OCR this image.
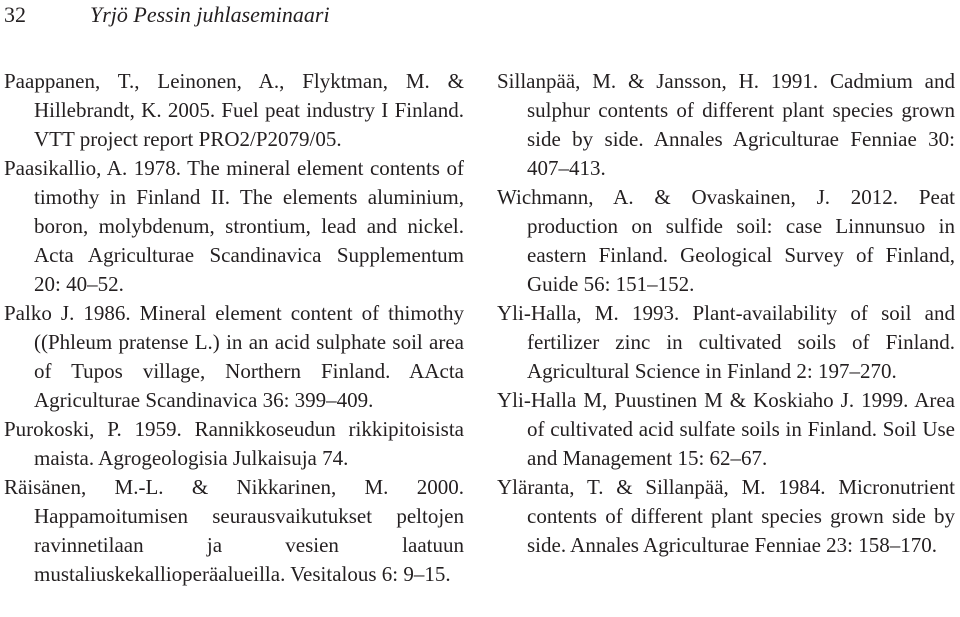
32	Yrjö Pessin juhlaseminaari

Paappanen, T., Leinonen, A., Flyktman, M. & Hillebrandt, K. 2005. Fuel peat industry I Finland. VTT project report PRO2/P2079/05.

Paasikallio, A. 1978. The mineral element contents of timothy in Finland II. The elements aluminium, boron, molybdenum, strontium, lead and nickel. Acta Agriculturae Scandinavica Supplementum 20: 40–52.

Palko J. 1986. Mineral element content of thimothy ((Phleum pratense L.) in an acid sulphate soil area of Tupos village, Northern Finland. AActa Agriculturae Scandinavica 36: 399–409.

Purokoski, P. 1959. Rannikkoseudun rikkipitoisista maista. Agrogeologisia Julkaisuja 74.

Räisänen, M.-L. & Nikkarinen, M. 2000. Happamoitumisen seurausvaikutukset peltojen ravinnetilaan ja vesien laatuun mustaliuskekallioperäalueilla. Vesitalous 6: 9–15.

Sillanpää, M. & Jansson, H. 1991. Cadmium and sulphur contents of different plant species grown side by side. Annales Agriculturae Fenniae 30: 407–413.

Wichmann, A. & Ovaskainen, J. 2012. Peat production on sulfide soil: case Linnunsuo in eastern Finland. Geological Survey of Finland, Guide 56: 151–152.

Yli-Halla, M. 1993. Plant-availability of soil and fertilizer zinc in cultivated soils of Finland. Agricultural Science in Finland 2: 197–270.

Yli-Halla M, Puustinen M & Koskiaho J. 1999. Area of cultivated acid sulfate soils in Finland. Soil Use and Management 15: 62–67.

Yläranta, T. & Sillanpää, M. 1984. Micronutrient contents of different plant species grown side by side. Annales Agriculturae Fenniae 23: 158–170.
